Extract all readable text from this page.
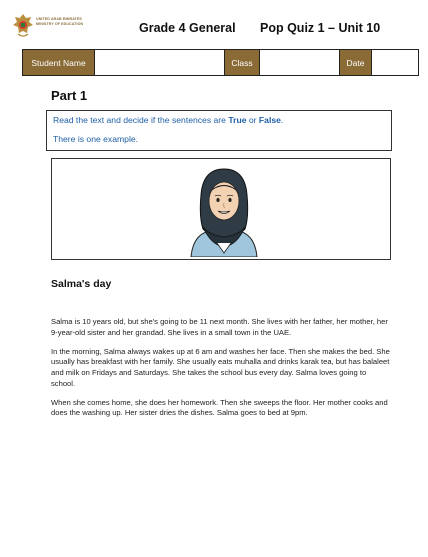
UNITED ARAB EMIRATES
MINISTRY OF EDUCATION	Grade 4 General Pop Quiz 1 – Unit 10
Student Name	Class	Date
Part 1

Read the text and decide if the sentences are True or False.

There is one example.

Salma's day

Salma is 10 years old, but she's going to be 11 next month. She lives with her father, her mother, her 9-year-old sister and her grandad. She lives in a small town in the UAE.

In the morning, Salma always wakes up at 6 am and washes her face. Then she makes the bed. She usually has breakfast with her family. She usually eats muhalla and drinks karak tea, but has balaleet and milk on Fridays and Saturdays. She takes the school bus every day. Salma loves going to school.

When she comes home, she does her homework. Then she sweeps the floor. Her mother cooks and does the washing up. Her sister dries the dishes. Salma goes to bed at 9pm.
